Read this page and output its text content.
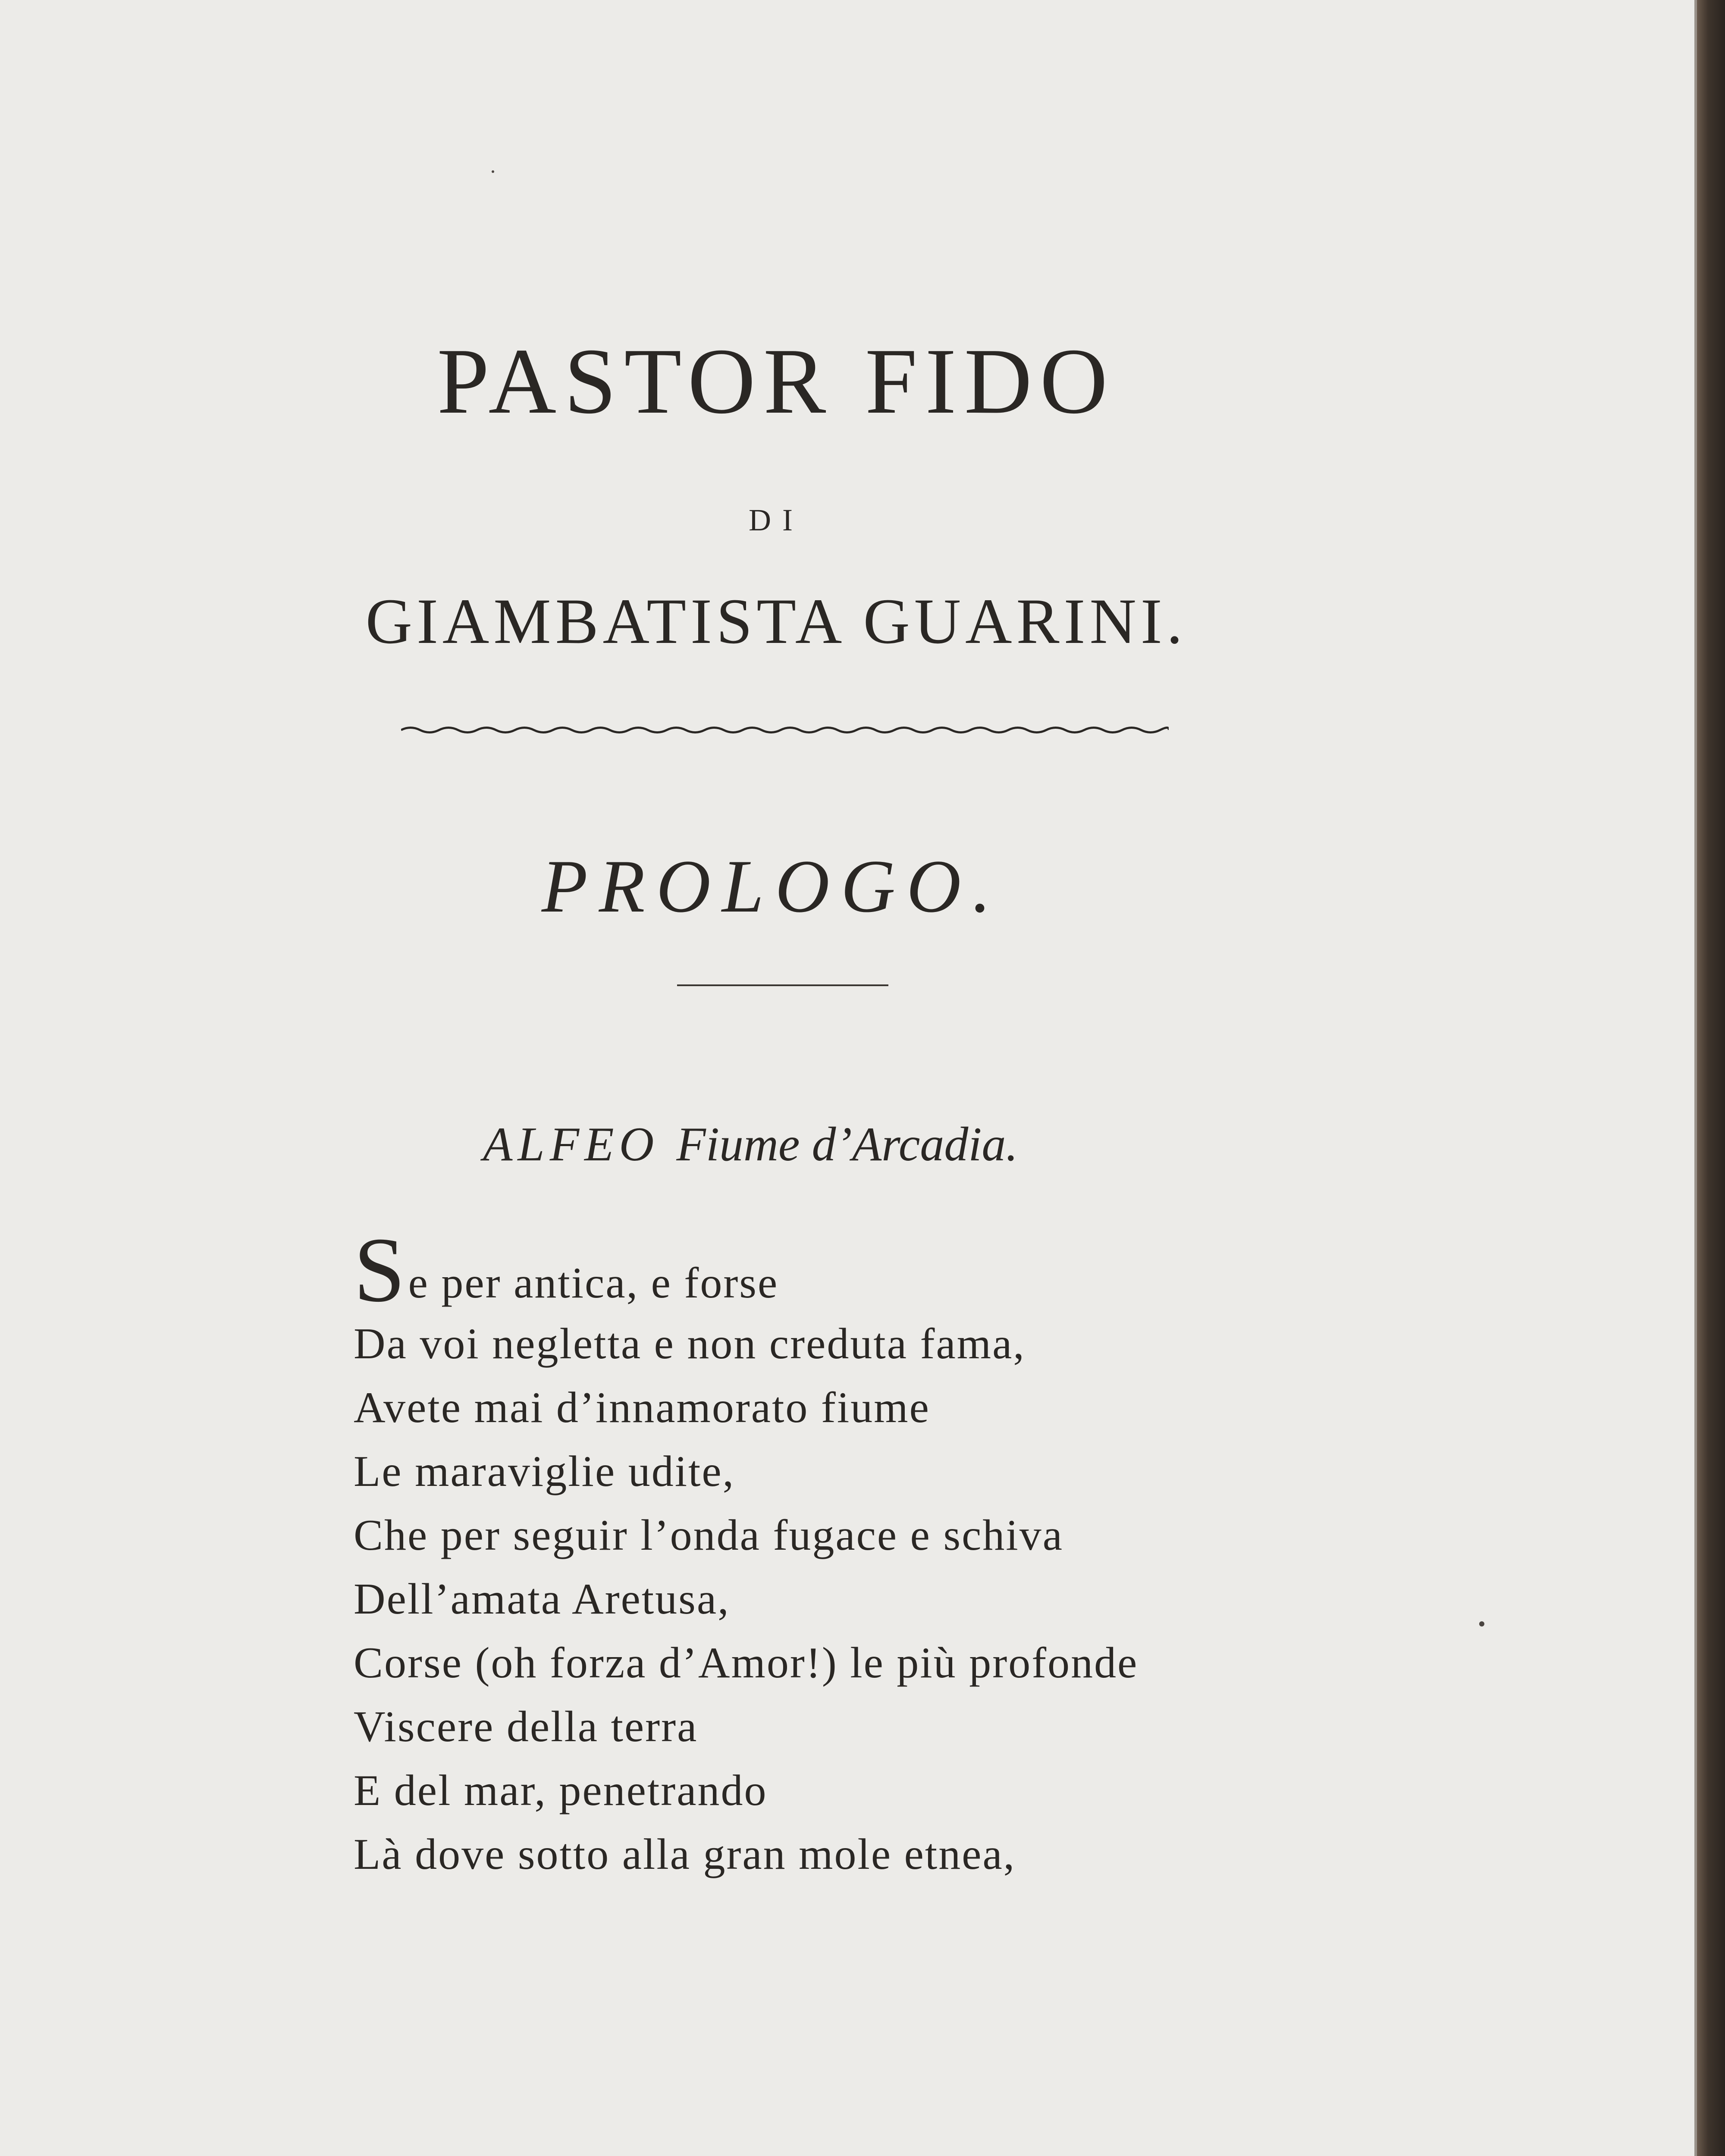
PASTOR FIDO
DI
GIAMBATISTA GUARINI.
PROLOGO.
ALFEO Fiume d’Arcadia.
Se per antica, e forse
Da voi negletta e non creduta fama,
Avete mai d’innamorato fiume
Le maraviglie udite,
Che per seguir l’onda fugace e schiva
Dell’amata Aretusa,
Corse (oh forza d’Amor!) le più profonde
Viscere della terra
E del mar, penetrando
Là dove sotto alla gran mole etnea,
